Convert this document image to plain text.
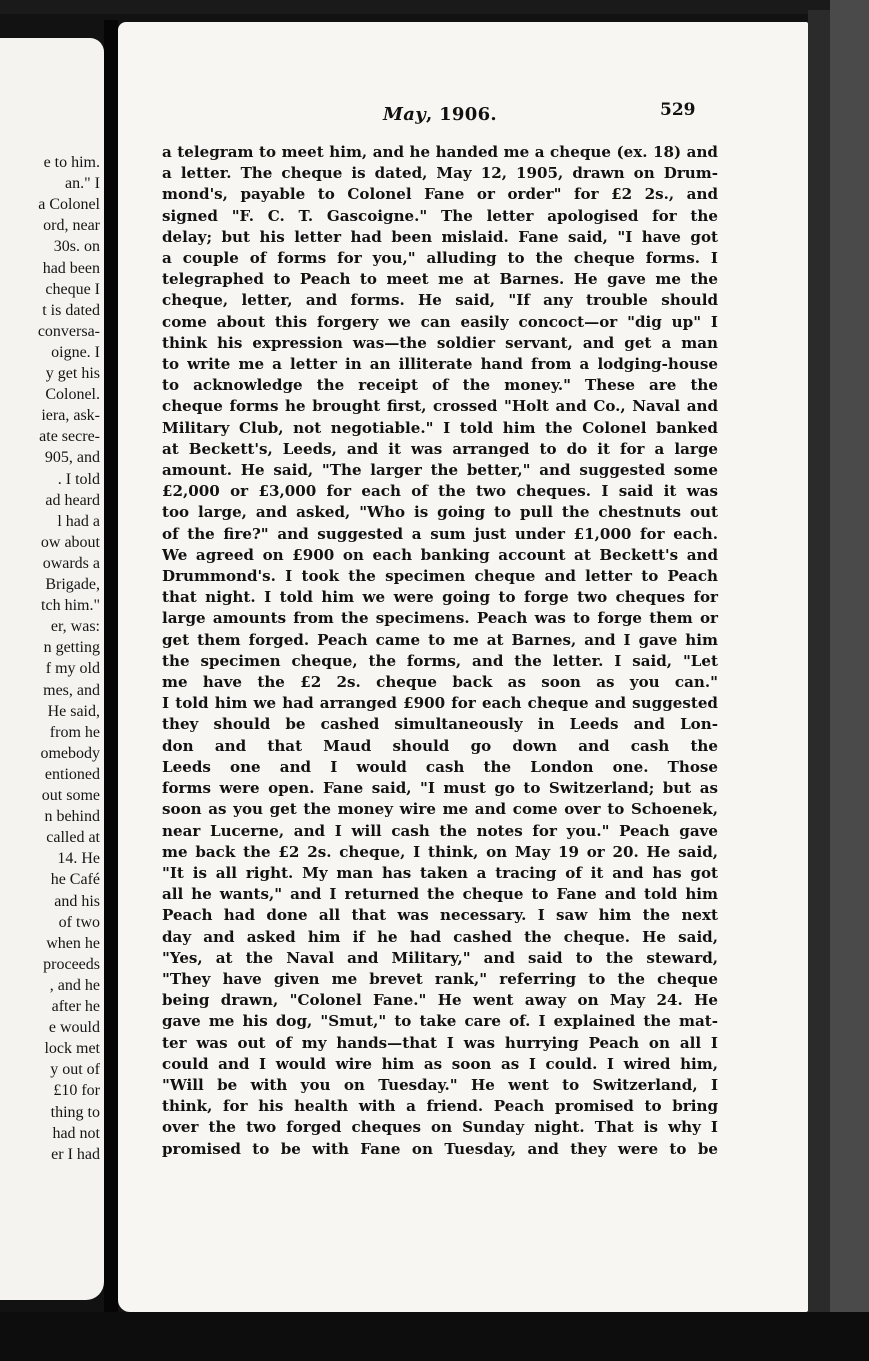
e to him.
an." I
a Colonel
ord, near
30s. on
had been
cheque I
t is dated
conversa-
oigne. I
y get his
Colonel.
iera, ask-
ate secre-
905, and
. I told
ad heard
l had a
ow about
owards a
Brigade,
tch him."
er, was:
n getting
f my old
mes, and
He said,
from he
omebody
entioned
out some
n behind
called at
14. He
he Café
and his
of two
when he
proceeds
, and he
after he
e would
lock met
y out of
£10 for
thing to
had not
er I had
May, 1906.	529
a telegram to meet him, and he handed me a cheque (ex. 18) and
a letter. The cheque is dated, May 12, 1905, drawn on Drum-
mond's, payable to Colonel Fane or order" for £2 2s., and
signed "F. C. T. Gascoigne." The letter apologised for the
delay; but his letter had been mislaid. Fane said, "I have got
a couple of forms for you," alluding to the cheque forms. I
telegraphed to Peach to meet me at Barnes. He gave me the
cheque, letter, and forms. He said, "If any trouble should
come about this forgery we can easily concoct—or "dig up" I
think his expression was—the soldier servant, and get a man
to write me a letter in an illiterate hand from a lodging-house
to acknowledge the receipt of the money." These are the
cheque forms he brought first, crossed "Holt and Co., Naval and
Military Club, not negotiable." I told him the Colonel banked
at Beckett's, Leeds, and it was arranged to do it for a large
amount. He said, "The larger the better," and suggested some
£2,000 or £3,000 for each of the two cheques. I said it was
too large, and asked, "Who is going to pull the chestnuts out
of the fire?" and suggested a sum just under £1,000 for each.
We agreed on £900 on each banking account at Beckett's and
Drummond's. I took the specimen cheque and letter to Peach
that night. I told him we were going to forge two cheques for
large amounts from the specimens. Peach was to forge them or
get them forged. Peach came to me at Barnes, and I gave him
the specimen cheque, the forms, and the letter. I said, "Let
me have the £2 2s. cheque back as soon as you can."
I told him we had arranged £900 for each cheque and suggested
they should be cashed simultaneously in Leeds and Lon-
don and that Maud should go down and cash the
Leeds one and I would cash the London one. Those
forms were open. Fane said, "I must go to Switzerland; but as
soon as you get the money wire me and come over to Schoenek,
near Lucerne, and I will cash the notes for you." Peach gave
me back the £2 2s. cheque, I think, on May 19 or 20. He said,
"It is all right. My man has taken a tracing of it and has got
all he wants," and I returned the cheque to Fane and told him
Peach had done all that was necessary. I saw him the next
day and asked him if he had cashed the cheque. He said,
"Yes, at the Naval and Military," and said to the steward,
"They have given me brevet rank," referring to the cheque
being drawn, "Colonel Fane." He went away on May 24. He
gave me his dog, "Smut," to take care of. I explained the mat-
ter was out of my hands—that I was hurrying Peach on all I
could and I would wire him as soon as I could. I wired him,
"Will be with you on Tuesday." He went to Switzerland, I
think, for his health with a friend. Peach promised to bring
over the two forged cheques on Sunday night. That is why I
promised to be with Fane on Tuesday, and they were to be
